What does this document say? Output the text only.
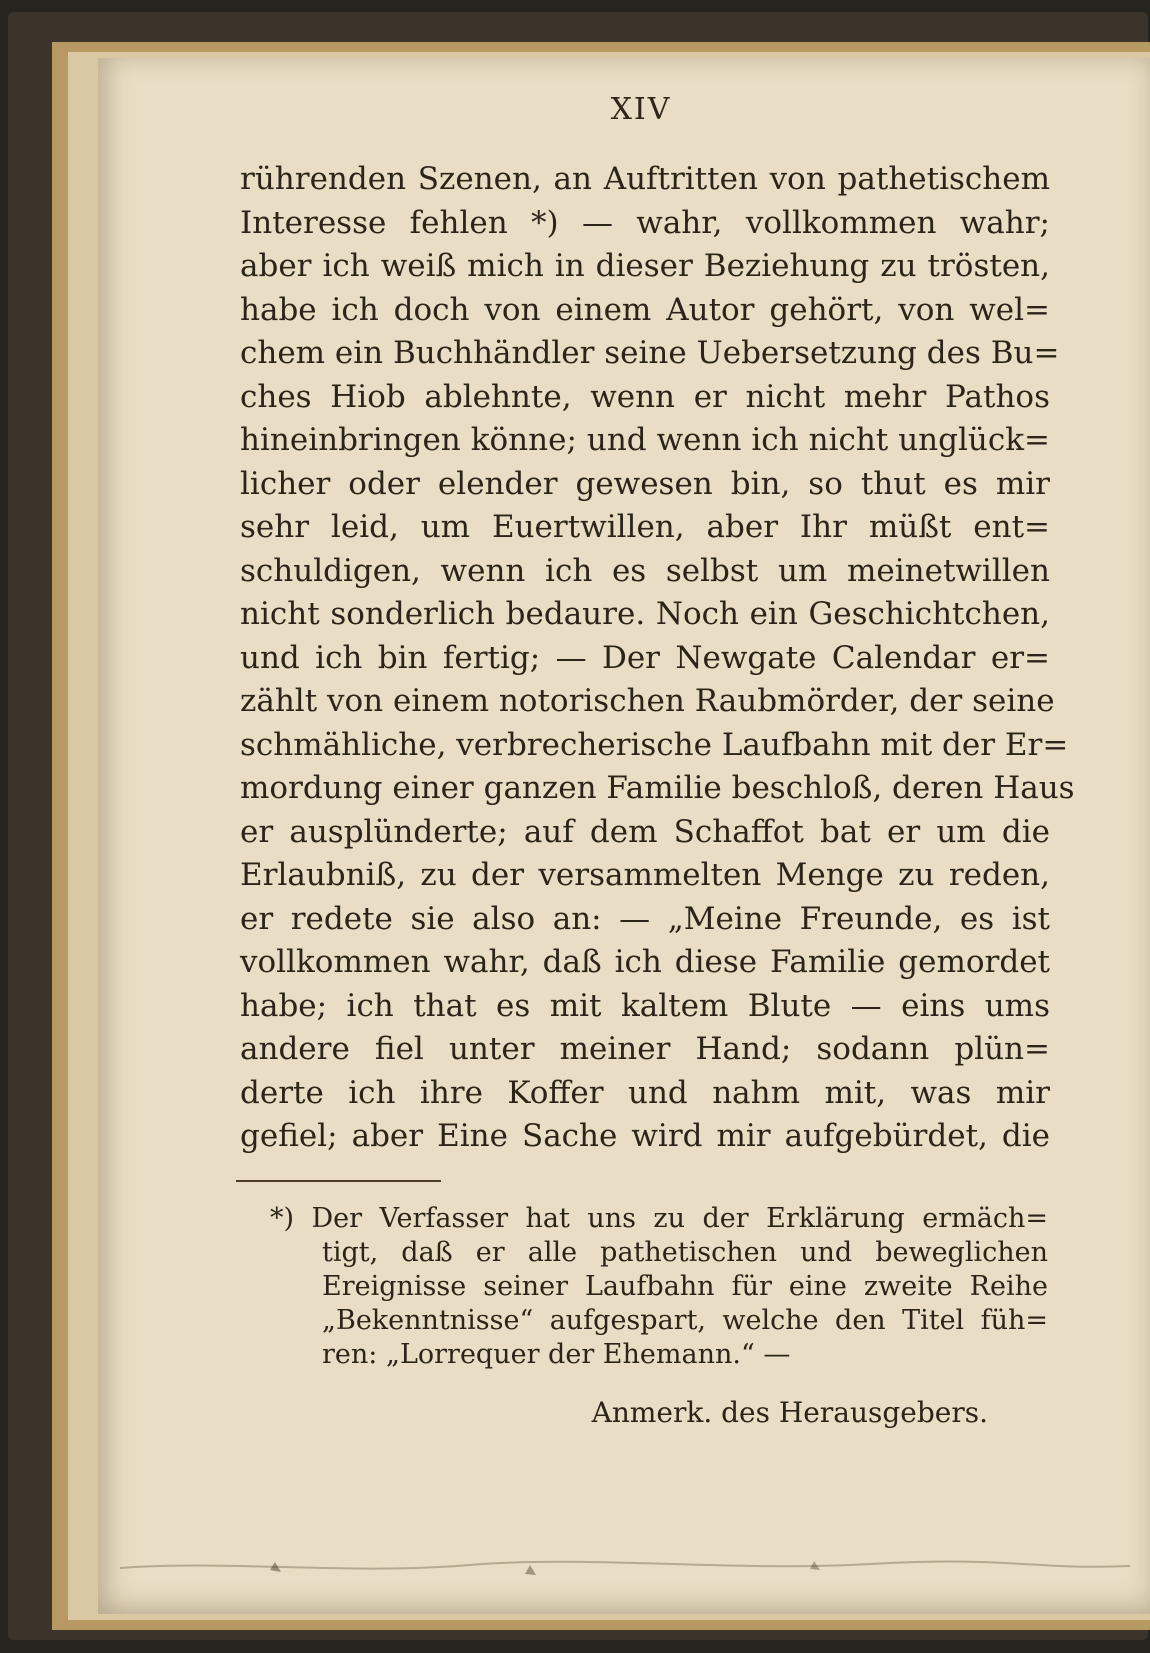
XIV
rührenden Szenen, an Auftritten von pathetischem
Interesse fehlen *) — wahr, vollkommen wahr;
aber ich weiß mich in dieser Beziehung zu trösten,
habe ich doch von einem Autor gehört, von wel=
chem ein Buchhändler seine Uebersetzung des Bu=
ches Hiob ablehnte, wenn er nicht mehr Pathos
hineinbringen könne; und wenn ich nicht unglück=
licher oder elender gewesen bin, so thut es mir
sehr leid, um Euertwillen, aber Ihr müßt ent=
schuldigen, wenn ich es selbst um meinetwillen
nicht sonderlich bedaure. Noch ein Geschichtchen,
und ich bin fertig; — Der Newgate Calendar er=
zählt von einem notorischen Raubmörder, der seine
schmähliche, verbrecherische Laufbahn mit der Er=
mordung einer ganzen Familie beschloß, deren Haus
er ausplünderte; auf dem Schaffot bat er um die
Erlaubniß, zu der versammelten Menge zu reden,
er redete sie also an: — „Meine Freunde, es ist
vollkommen wahr, daß ich diese Familie gemordet
habe; ich that es mit kaltem Blute — eins ums
andere fiel unter meiner Hand; sodann plün=
derte ich ihre Koffer und nahm mit, was mir
gefiel; aber Eine Sache wird mir aufgebürdet, die
*) Der Verfasser hat uns zu der Erklärung ermäch=
tigt, daß er alle pathetischen und beweglichen
Ereignisse seiner Laufbahn für eine zweite Reihe
„Bekenntnisse“ aufgespart, welche den Titel füh=
ren: „Lorrequer der Ehemann.“ —
Anmerk. des Herausgebers.
